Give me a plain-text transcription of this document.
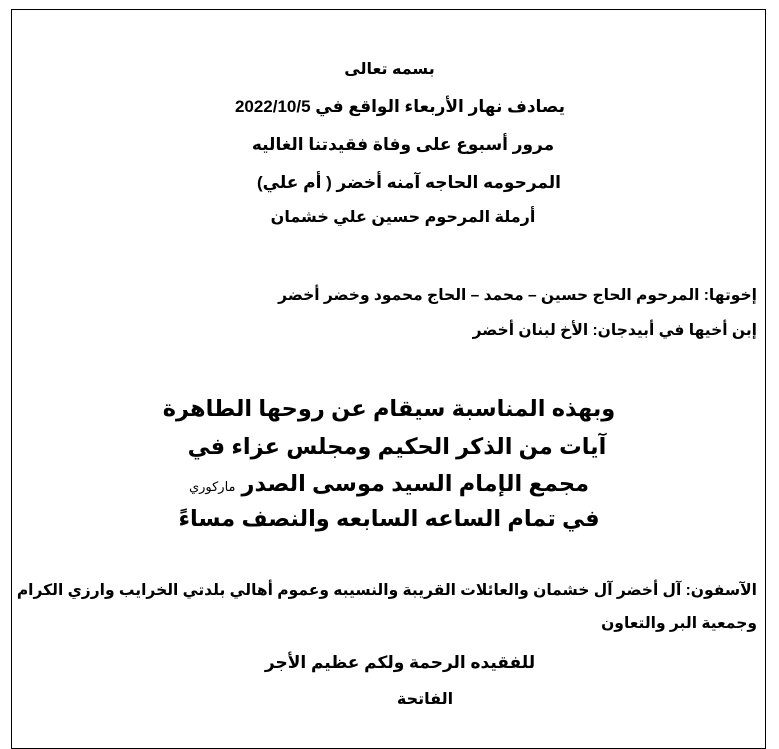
بسمه تعالى
يصادف نهار الأربعاء الواقع في 2022/10/5
مرور أسبوع على وفاة فقيدتنا الغاليه
المرحومه الحاجه آمنه أخضر ( أم علي)
أرملة المرحوم حسين علي خشمان
إخوتها: المرحوم الحاج حسين – محمد – الحاج محمود وخضر أخضر
إبن أخيها في أبيدجان: الأخ لبنان أخضر
وبهذه المناسبة سيقام عن روحها الطاهرة
آيات من الذكر الحكيم ومجلس عزاء في
مجمع الإمام السيد موسى الصدرماركوري
في تمام الساعه السابعه والنصف مساءً
الآسفون: آل أخضر آل خشمان والعائلات القريبة والنسيبه وعموم أهالي بلدتي الخرايب وارزي الكرام
وجمعية البر والتعاون
للفقيده الرحمة ولكم عظيم الأجر
الفاتحة
